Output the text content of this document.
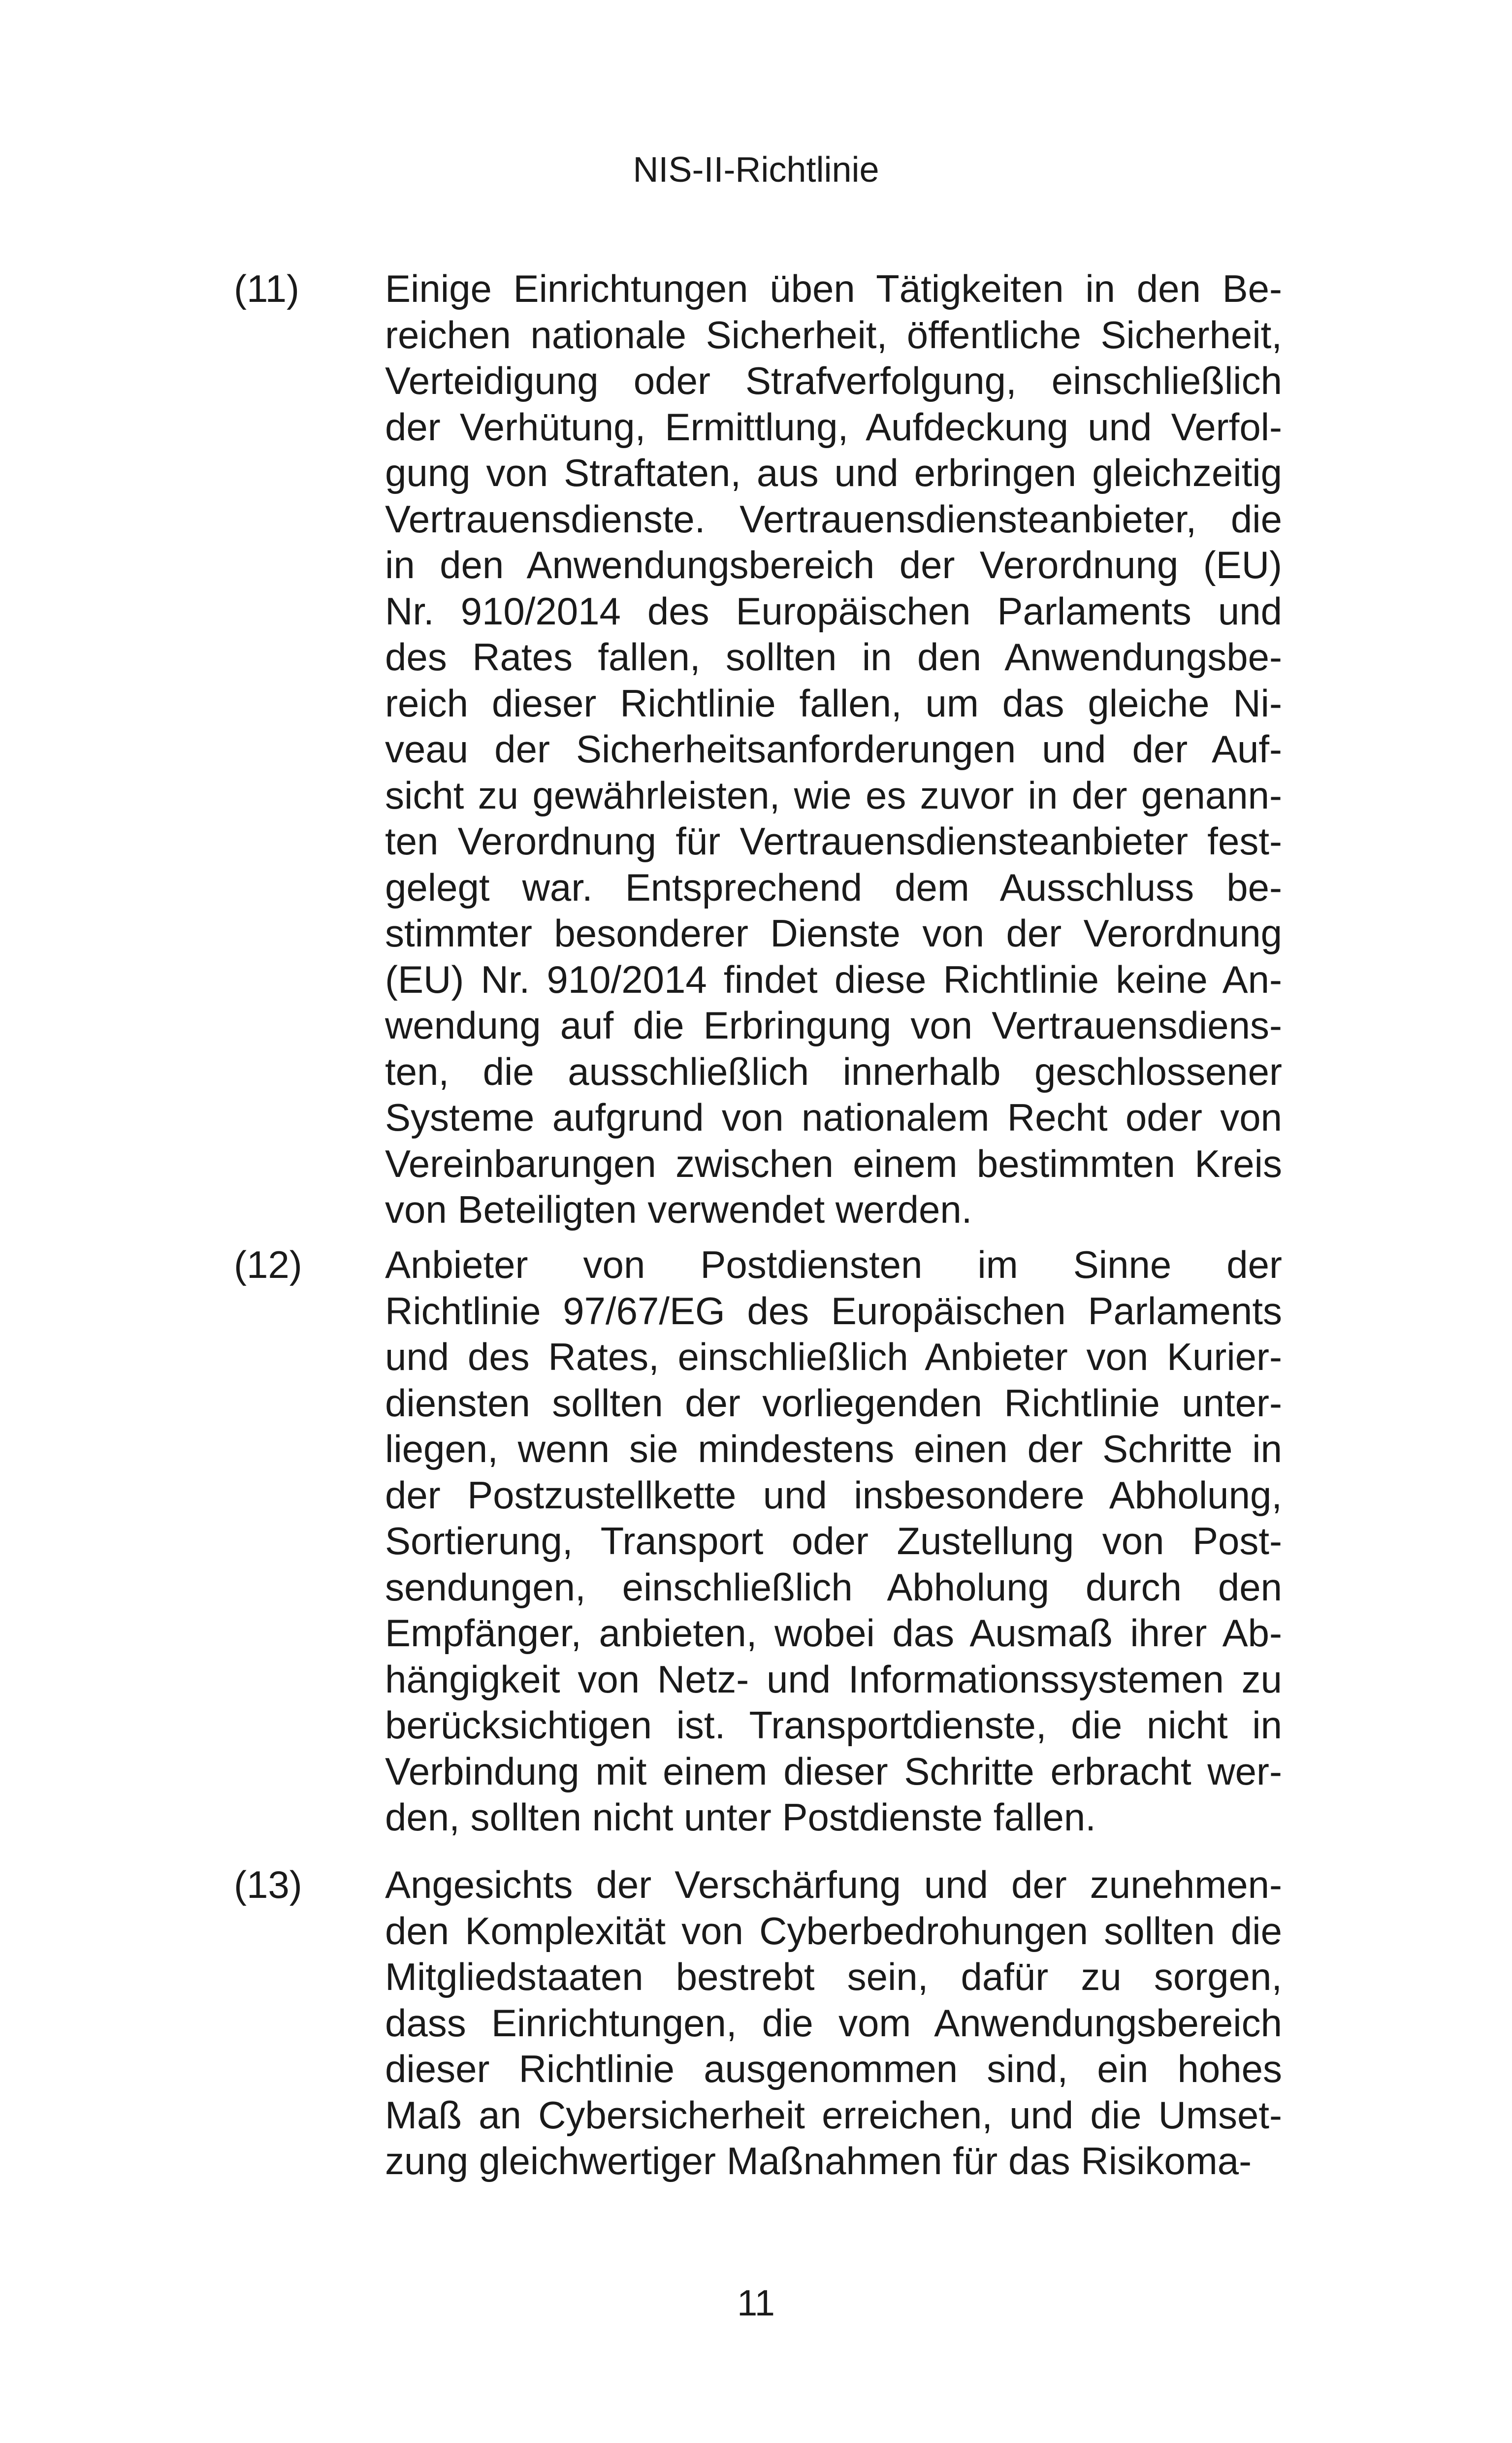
NIS-II-Richtlinie
(11) Einige Einrichtungen üben Tätigkeiten in den Be-
reichen nationale Sicherheit, öffentliche Sicherheit,
Verteidigung oder Strafverfolgung, einschließlich
der Verhütung, Ermittlung, Aufdeckung und Verfol-
gung von Straftaten, aus und erbringen gleichzeitig
Vertrauensdienste. Vertrauensdiensteanbieter, die
in den Anwendungsbereich der Verordnung (EU)
Nr. 910/2014 des Europäischen Parlaments und
des Rates fallen, sollten in den Anwendungsbe-
reich dieser Richtlinie fallen, um das gleiche Ni-
veau der Sicherheitsanforderungen und der Auf-
sicht zu gewährleisten, wie es zuvor in der genann-
ten Verordnung für Vertrauensdiensteanbieter fest-
gelegt war. Entsprechend dem Ausschluss be-
stimmter besonderer Dienste von der Verordnung
(EU) Nr. 910/2014 findet diese Richtlinie keine An-
wendung auf die Erbringung von Vertrauensdiens-
ten, die ausschließlich innerhalb geschlossener
Systeme aufgrund von nationalem Recht oder von
Vereinbarungen zwischen einem bestimmten Kreis
von Beteiligten verwendet werden.
(12) Anbieter von Postdiensten im Sinne der
Richtlinie 97/67/EG des Europäischen Parlaments
und des Rates, einschließlich Anbieter von Kurier-
diensten sollten der vorliegenden Richtlinie unter-
liegen, wenn sie mindestens einen der Schritte in
der Postzustellkette und insbesondere Abholung,
Sortierung, Transport oder Zustellung von Post-
sendungen, einschließlich Abholung durch den
Empfänger, anbieten, wobei das Ausmaß ihrer Ab-
hängigkeit von Netz- und Informationssystemen zu
berücksichtigen ist. Transportdienste, die nicht in
Verbindung mit einem dieser Schritte erbracht wer-
den, sollten nicht unter Postdienste fallen.
(13) Angesichts der Verschärfung und der zunehmen-
den Komplexität von Cyberbedrohungen sollten die
Mitgliedstaaten bestrebt sein, dafür zu sorgen,
dass Einrichtungen, die vom Anwendungsbereich
dieser Richtlinie ausgenommen sind, ein hohes
Maß an Cybersicherheit erreichen, und die Umset-
zung gleichwertiger Maßnahmen für das Risikoma-
11
